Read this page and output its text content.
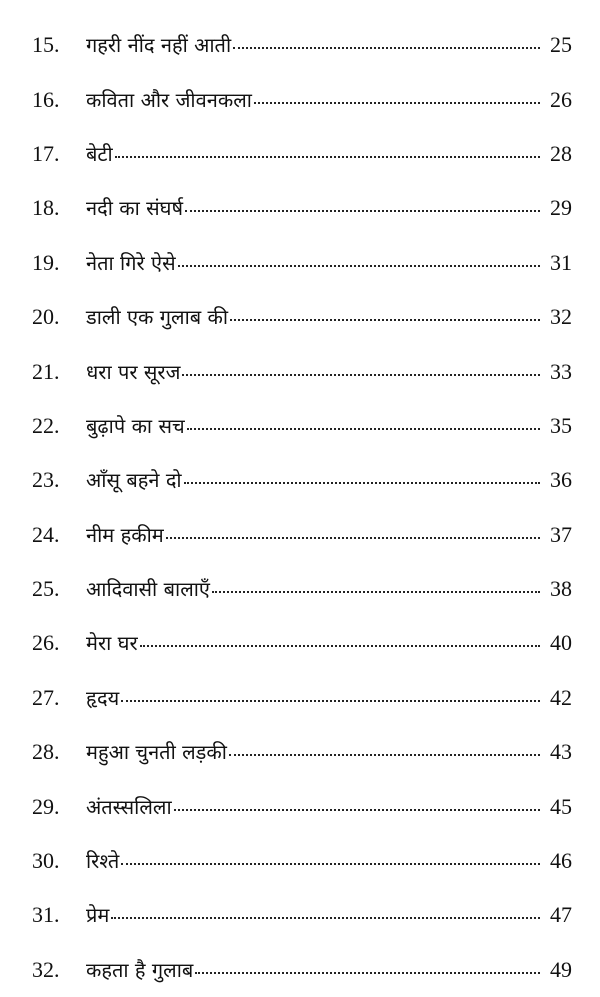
15.	गहरी नींद नहीं आती	25
16.	कविता और जीवनकला	26
17.	बेटी	28
18.	नदी का संघर्ष	29
19.	नेता गिरे ऐसे	31
20.	डाली एक गुलाब की	32
21.	धरा पर सूरज	33
22.	बुढ़ापे का सच	35
23.	आँसू बहने दो	36
24.	नीम हकीम	37
25.	आदिवासी बालाएँ	38
26.	मेरा घर	40
27.	हृदय	42
28.	महुआ चुनती लड़की	43
29.	अंतस्सलिला	45
30.	रिश्ते	46
31.	प्रेम	47
32.	कहता है गुलाब	49
